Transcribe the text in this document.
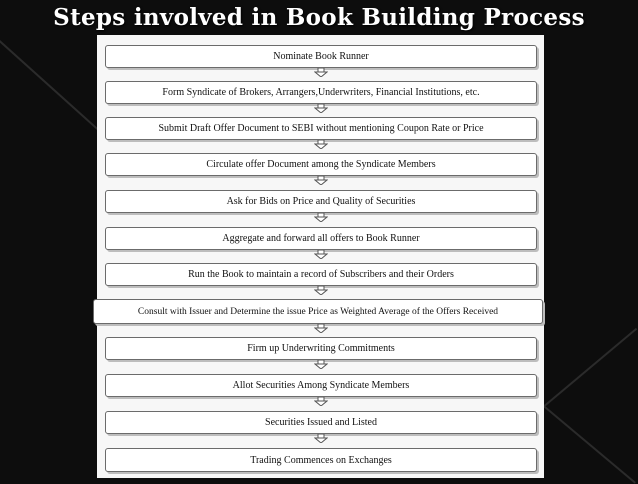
Steps involved in Book Building Process
Nominate Book Runner
Form Syndicate of Brokers, Arrangers,Underwriters, Financial Institutions, etc.
Submit Draft Offer Document to SEBI without mentioning Coupon Rate or Price
Circulate offer Document among the Syndicate Members
Ask for Bids on Price and Quality of Securities
Aggregate and forward all offers to Book Runner
Run the Book to maintain a record of Subscribers and their Orders
Consult with Issuer and Determine the issue Price as Weighted Average of the Offers Received
Firm up Underwriting Commitments
Allot Securities Among Syndicate Members
Securities Issued and Listed
Trading Commences on Exchanges
